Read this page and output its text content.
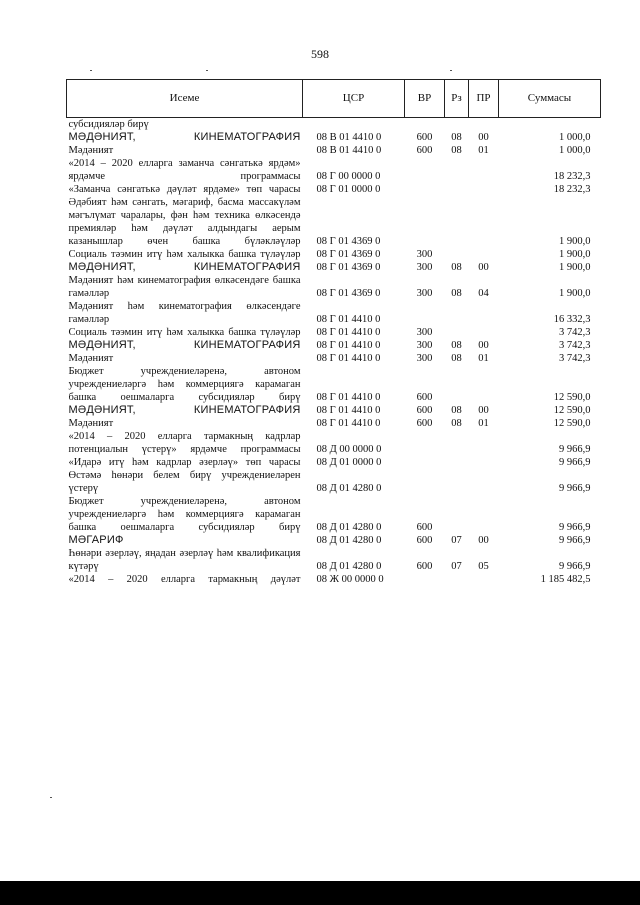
598
Исеме	ЦСР	ВР	Рз	ПР	Суммасы
субсидияләр бирү					
МӘДӘНИЯТ, КИНЕМАТОГРАФИЯ	08 В 01 4410 0	600	08	00	1 000,0
Мәдәният	08 В 01 4410 0	600	08	01	1 000,0
«2014 – 2020 елларга заманча сәнгатькә ярдәм» ярдәмче программасы	08 Г 00 0000 0				18 232,3
«Заманча сәнгатькә дәүләт ярдәме» төп чарасы	08 Г 01 0000 0				18 232,3
Әдәбият һәм сәнгать, мәгариф, басма массакүләм мәгълүмат чаралары, фән һәм техника өлкәсендә премияләр һәм дәүләт алдындагы аерым казанышлар өчен башка бүләкләүләр	08 Г 01 4369 0				1 900,0
Социаль тәэмин итү һәм халыкка башка түләүләр	08 Г 01 4369 0	300			1 900,0
МӘДӘНИЯТ, КИНЕМАТОГРАФИЯ	08 Г 01 4369 0	300	08	00	1 900,0
Мәдәният һәм кинематография өлкәсендәге башка гамәлләр	08 Г 01 4369 0	300	08	04	1 900,0
Мәдәният һәм кинематография өлкәсендәге гамәлләр	08 Г 01 4410 0				16 332,3
Социаль тәэмин итү һәм халыкка башка түләүләр	08 Г 01 4410 0	300			3 742,3
МӘДӘНИЯТ, КИНЕМАТОГРАФИЯ	08 Г 01 4410 0	300	08	00	3 742,3
Мәдәният	08 Г 01 4410 0	300	08	01	3 742,3
Бюджет учреждениеләренә, автоном учреждениеләргә һәм коммерциягә карамаган башка оешмаларга субсидияләр бирү	08 Г 01 4410 0	600			12 590,0
МӘДӘНИЯТ, КИНЕМАТОГРАФИЯ	08 Г 01 4410 0	600	08	00	12 590,0
Мәдәният	08 Г 01 4410 0	600	08	01	12 590,0
«2014 – 2020 елларга тармакның кадрлар потенциалын үстерү» ярдәмче программасы	08 Д 00 0000 0				9 966,9
«Идарә итү һәм кадрлар әзерләү» төп чарасы	08 Д 01 0000 0				9 966,9
Өстәмә һөнәри белем бирү учреждениеләрен үстерү	08 Д 01 4280 0				9 966,9
Бюджет учреждениеләренә, автоном учреждениеләргә һәм коммерциягә карамаган башка оешмаларга субсидияләр бирү	08 Д 01 4280 0	600			9 966,9
МӘГАРИФ	08 Д 01 4280 0	600	07	00	9 966,9
Һөнәри әзерләү, яңадан әзерләү һәм квалификация күтәрү	08 Д 01 4280 0	600	07	05	9 966,9
«2014 – 2020 елларга тармакның дәүләт	08 Ж 00 0000 0				1 185 482,5
